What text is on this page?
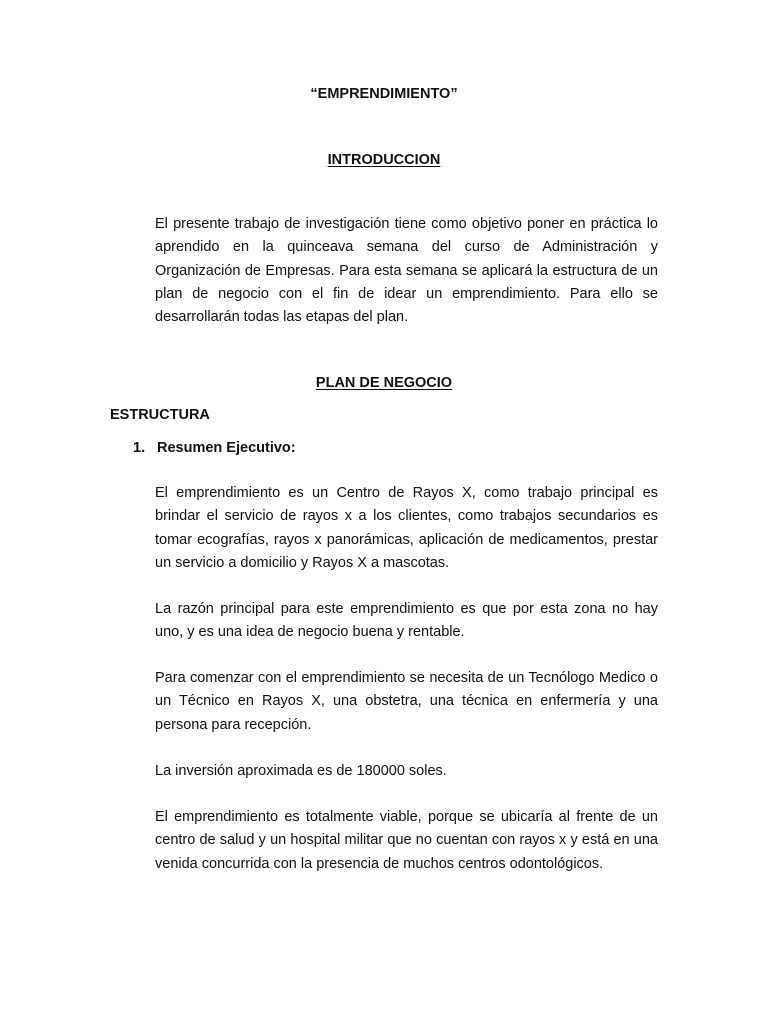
“EMPRENDIMIENTO”
INTRODUCCION

El presente trabajo de investigación tiene como objetivo poner en práctica lo aprendido en la quinceava semana del curso de Administración y Organización de Empresas. Para esta semana se aplicará la estructura de un plan de negocio con el fin de idear un emprendimiento. Para ello se desarrollarán todas las etapas del plan.

PLAN DE NEGOCIO
ESTRUCTURA
1. Resumen Ejecutivo:

El emprendimiento es un Centro de Rayos X, como trabajo principal es brindar el servicio de rayos x a los clientes, como trabajos secundarios es tomar ecografías, rayos x panorámicas, aplicación de medicamentos, prestar un servicio a domicilio y Rayos X a mascotas.

La razón principal para este emprendimiento es que por esta zona no hay uno, y es una idea de negocio buena y rentable.

Para comenzar con el emprendimiento se necesita de un Tecnólogo Medico o un Técnico en Rayos X, una obstetra, una técnica en enfermería y una persona para recepción.

La inversión aproximada es de 180000 soles.

El emprendimiento es totalmente viable, porque se ubicaría al frente de un centro de salud y un hospital militar que no cuentan con rayos x y está en una venida concurrida con la presencia de muchos centros odontológicos.
